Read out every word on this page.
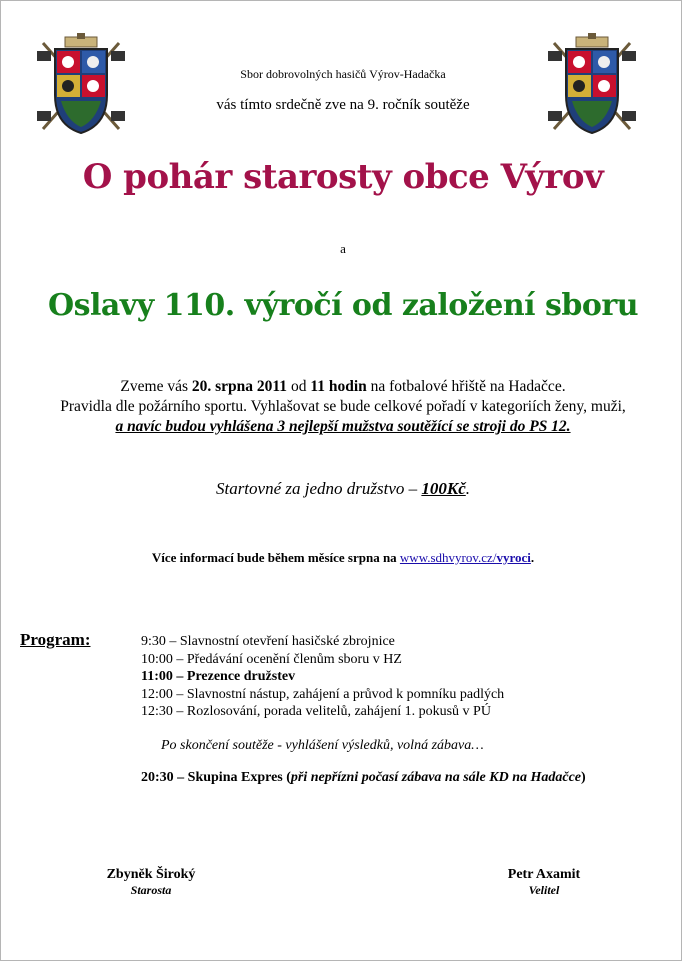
Sbor dobrovolných hasičů Výrov-Hadačka
vás tímto srdečně zve na 9. ročník soutěže
O pohár starosty obce Výrov
a
Oslavy 110. výročí od založení sboru
Zveme vás 20. srpna 2011 od 11 hodin na fotbalové hřiště na Hadačce.
Pravidla dle požárního sportu. Vyhlašovat se bude celkové pořadí v kategoriích ženy, muži,
a navíc budou vyhlášena 3 nejlepší mužstva soutěžící se stroji do PS 12.
Startovné za jedno družstvo – 100Kč.
Více informací bude během měsíce srpna na www.sdhvyrov.cz/vyroci.
Program:	9:30 – Slavnostní otevření hasičské zbrojnice
10:00 – Předávání ocenění členům sboru v HZ
11:00 – Prezence družstev
12:00 – Slavnostní nástup, zahájení a průvod k pomníku padlých
12:30 – Rozlosování, porada velitelů, zahájení 1. pokusů v PÚ
Po skončení soutěže - vyhlášení výsledků, volná zábava…
20:30 – Skupina Expres (při nepřízni počasí zábava na sále KD na Hadačce)
Zbyněk Široký
Starosta
Petr Axamit
Velitel
